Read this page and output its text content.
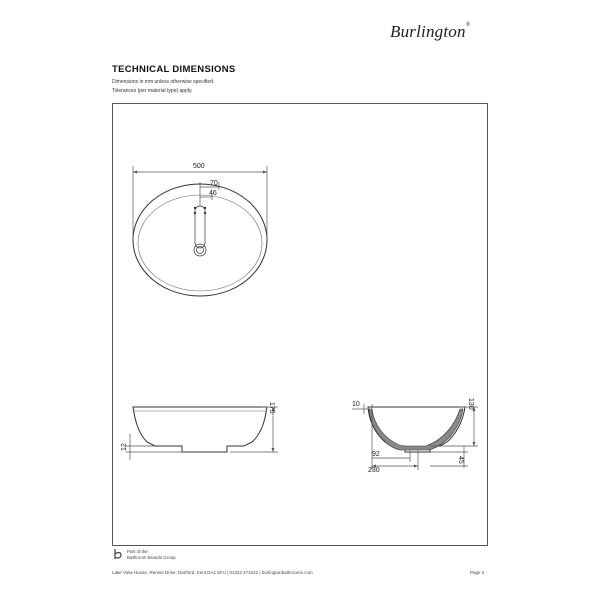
Burlington®
TECHNICAL DIMENSIONS
Dimensions in mm unless otherwise specified.
Tolerances (per material type) apply.
500
70
46
175
12
10	130
92
230
45
Part of the
Bathroom Brands Group
Lake View House, Rennie Drive, Dartford, Kent DA1 5FU | 01322 473222 | burlingtonbathrooms.com	Page 2
